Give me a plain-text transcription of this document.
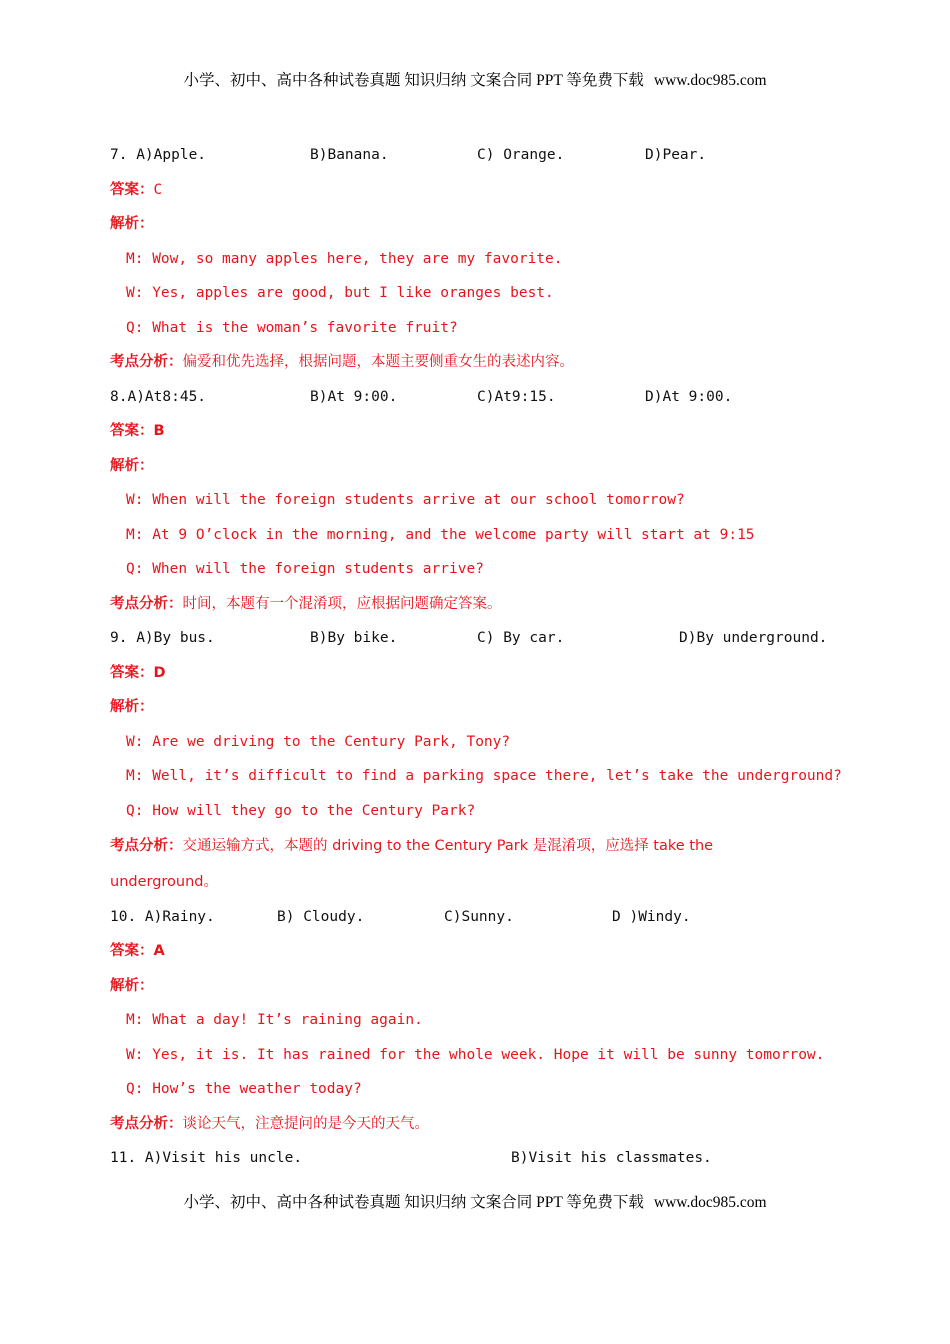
小学、初中、高中各种试卷真题 知识归纳 文案合同 PPT 等免费下载 www.doc985.com
7. A)Apple.	B)Banana.	C) Orange.	D)Pear.
答案：C
解析：
M: Wow, so many apples here, they are my favorite.
W: Yes, apples are good, but I like oranges best.
Q: What is the woman’s favorite fruit?
考点分析：偏爱和优先选择，根据问题，本题主要侧重女生的表述内容。
8.A)At8:45.	B)At 9:00.	C)At9:15.	D)At 9:00.
答案：B
解析：
W: When will the foreign students arrive at our school tomorrow?
M: At 9 O’clock in the morning, and the welcome party will start at 9:15
Q: When will the foreign students arrive?
考点分析：时间，本题有一个混淆项，应根据问题确定答案。
9. A)By bus.	B)By bike.	C) By car.	D)By underground.
答案：D
解析：
W: Are we driving to the Century Park, Tony?
M: Well, it’s difficult to find a parking space there, let’s take the underground?
Q: How will they go to the Century Park?
考点分析：交通运输方式，本题的 driving to the Century Park 是混淆项，应选择 take the
underground。
10. A)Rainy.	B) Cloudy.	C)Sunny.	D )Windy.
答案：A
解析：
M: What a day! It’s raining again.
W: Yes, it is. It has rained for the whole week. Hope it will be sunny tomorrow.
Q: How’s the weather today?
考点分析：谈论天气，注意提问的是今天的天气。
11. A)Visit his uncle.	B)Visit his classmates.
小学、初中、高中各种试卷真题 知识归纳 文案合同 PPT 等免费下载 www.doc985.com
